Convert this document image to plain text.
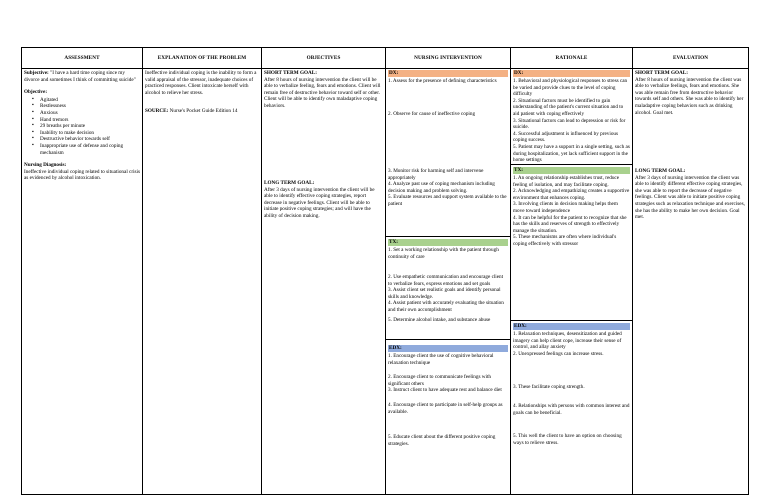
ASSESSMENT

Subjective: "I have a hard time coping since my divorce and sometimes I think of committing suicide"

Objective:

▪ Agitated
▪ Restlessness
▪ Anxious
▪ Hand tremors
▪ 29 breaths per minute
▪ Inability to make decision
▪ Destructive behavior towards self
▪ Inappropriate use of defense and coping mechanism

Nursing Diagnosis:

Ineffective individual coping related to situational crisis as evidenced by alcohol intoxication.

EXPLANATION OF THE PROBLEM

Ineffective individual coping is the inability to form a valid appraisal of the stressor, inadequate choices of practiced responses. Client intoxicate herself with alcohol to relieve her stress.

SOURCE: Nurse's Pocket Guide Edition 14

OBJECTIVES

SHORT TERM GOAL:

After 8 hours of nursing intervention the client will be able to verbalize feeling, fears and emotions. Client will remain free of destructive behavior toward self or other. Client will be able to identify own maladaptive coping behaviors.

LONG TERM GOAL:

After 3 days of nursing intervention the client will be able to identify effective coping strategies, report decrease in negative feelings. Client will be able to initiate positive coping strategies; and will have the ability of decision making.

NURSING INTERVENTION
DX:

1. Assess for the presence of defining characteristics

2. Observe for cause of ineffective coping

3. Monitor risk for harming self and intervene appropriately

4. Analyze past use of coping mechanism including decision making and problem solving.

5. Evaluate resources and support system available to the patient

TX:

1. Set a working relationship with the patient through continuity of care

2. Use empathetic communication and encourage client to verbalize fears, express emotions and set goals

3. Assist client set realistic goals and identify personal skills and knowledge.

4. Assist patient with accurately evaluating the situation and their own accomplishment

5. Determine alcohol intake, and substance abuse
EDX:

1. Encourage client the use of cognitive behavioral relaxation technique

2. Encourage client to communicate feelings with significant others

3. Instruct client to have adequate rest and balance diet

4. Encourage client to participate in self-help groups as available.
5. Educate client about the different positive coping strategies.
RATIONALE
DX:

1. Behavioral and physiological responses to stress can be varied and provide clues to the level of coping difficulty
2. Situational factors must be identified to gain understanding of the patient's current situation and to aid patient with coping effectively
3. Situational factors can lead to depression or risk for suicide.
4. Successful adjustment is influenced by previous coping success.
5. Patient may have a support in a single setting, such as during hospitalization, yet lack sufficient support in the home settings

TX:

1. An ongoing relationship establishes trust, reduce feeling of isolation, and may facilitate coping.
2. Acknowledging and empathizing creates a supportive environment that enhances coping.
3. Involving clients in decision making helps them move toward independence
4. It can be helpful for the patient to recognize that she has the skills and reserves of strength to effectively manage the situation.
5. These mechanisms are often where individual's coping effectively with stressor

EDX:

1. Relaxation techniques, desensitization and guided imagery can help client cope, increase their sense of control, and allay anxiety
2. Unexpressed feelings can increase stress.

3. These facilitate coping strength.
4. Relationships with persons with common interest and goals can be beneficial.
5. This well the client to have an option on choosing ways to relieve stress.
EVALUATION

SHORT TERM GOAL:

After 8 hours of nursing intervention the client was able to verbalize feelings, fears and emotions. She was able remain free from destructive behavior towards self and others. She was able to identify her maladaptive coping behaviors such as drinking alcohol. Goal met.

LONG TERM GOAL:

After 3 days of nursing intervention the client was able to identify different effective coping strategies, she was able to report the decrease of negative feelings. Client was able to initiate positive coping strategies such as relaxation technique and exercises, she has the ability to make her own decision. Goal met.
